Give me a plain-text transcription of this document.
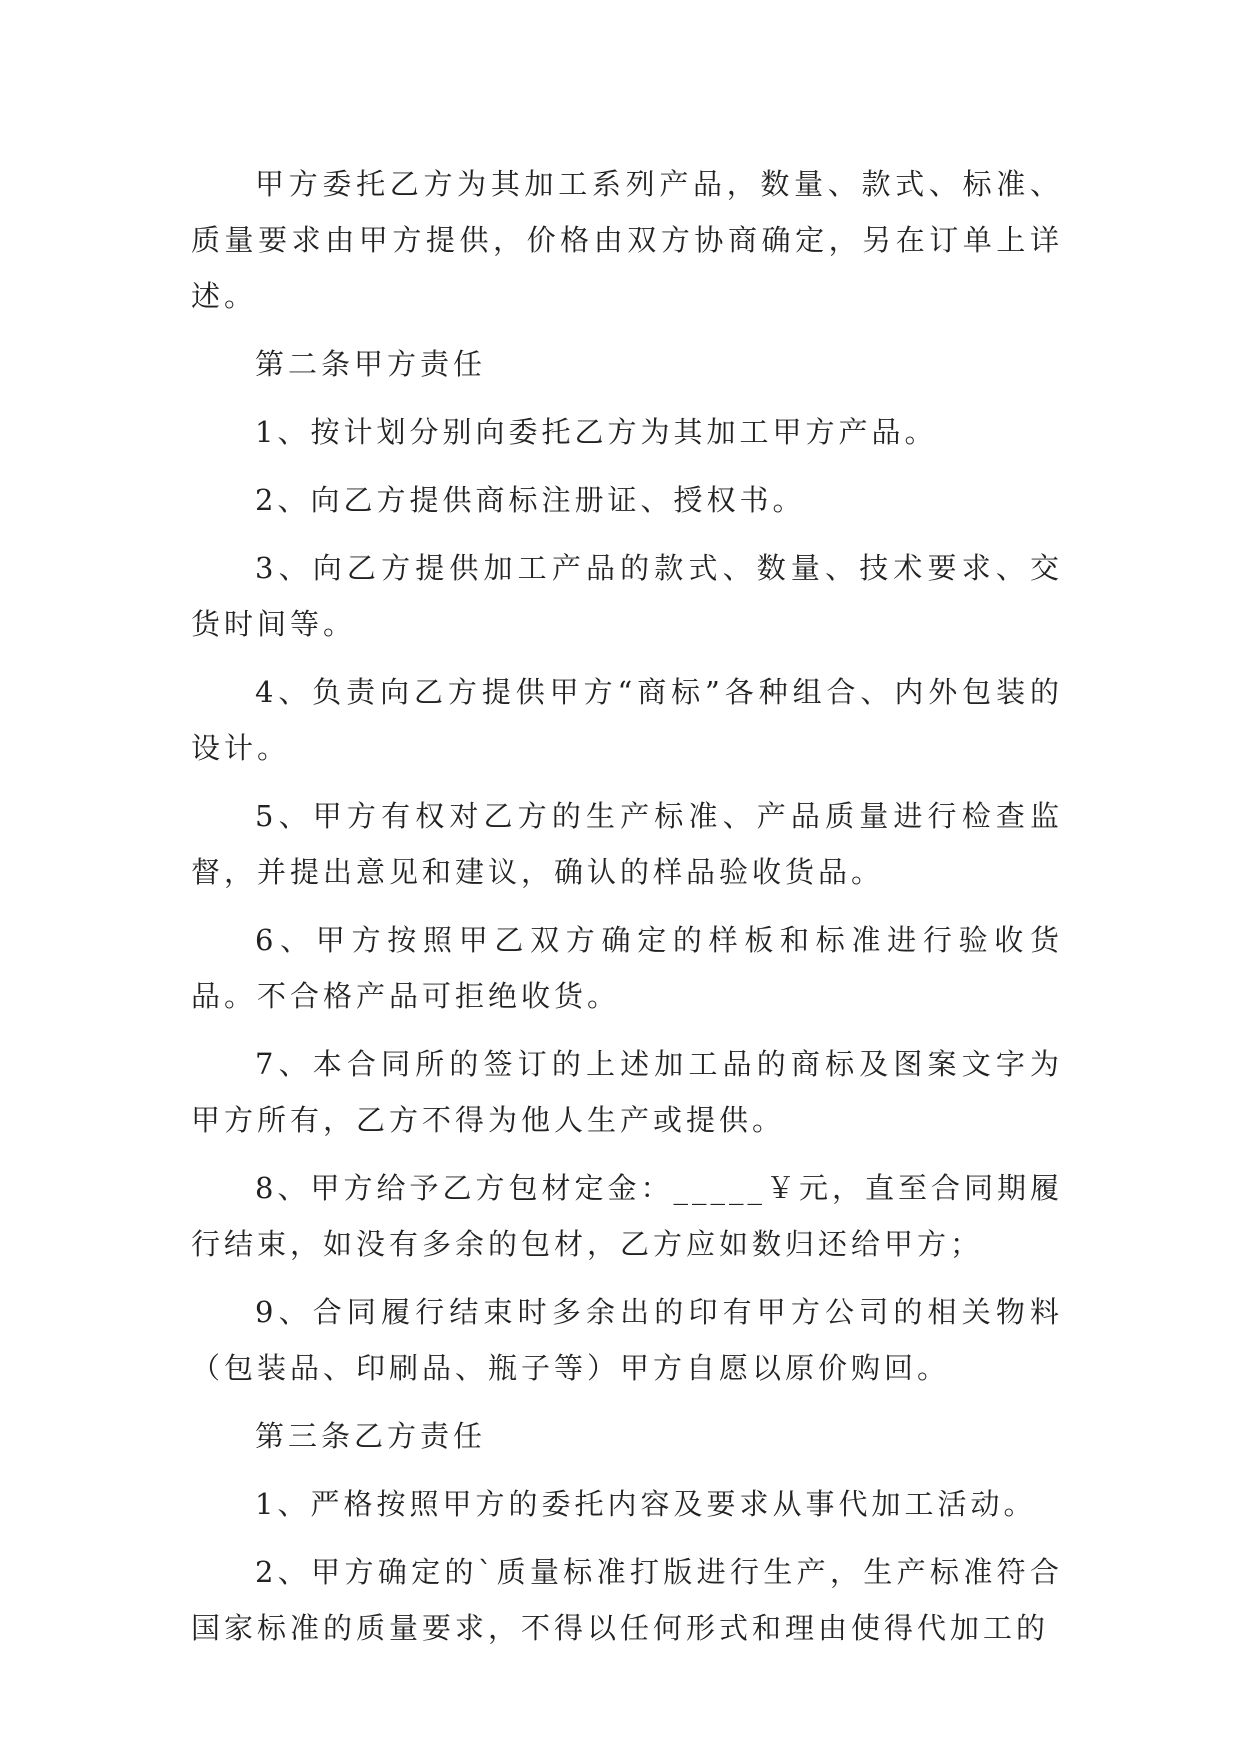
甲方委托乙方为其加工系列产品，数量、款式、标准、质量要求由甲方提供，价格由双方协商确定，另在订单上详述。

第二条甲方责任

1、按计划分别向委托乙方为其加工甲方产品。

2、向乙方提供商标注册证、授权书。

3、向乙方提供加工产品的款式、数量、技术要求、交货时间等。

4、负责向乙方提供甲方“商标”各种组合、内外包装的设计。

5、甲方有权对乙方的生产标准、产品质量进行检查监督，并提出意见和建议，确认的样品验收货品。

6、甲方按照甲乙双方确定的样板和标准进行验收货品。不合格产品可拒绝收货。

7、本合同所的签订的上述加工品的商标及图案文字为甲方所有，乙方不得为他人生产或提供。

8、甲方给予乙方包材定金：_____￥元，直至合同期履行结束，如没有多余的包材，乙方应如数归还给甲方；

9、合同履行结束时多余出的印有甲方公司的相关物料（包装品、印刷品、瓶子等）甲方自愿以原价购回。

第三条乙方责任

1、严格按照甲方的委托内容及要求从事代加工活动。

2、甲方确定的`质量标准打版进行生产，生产标准符合国家标准的质量要求，不得以任何形式和理由使得代加工的
